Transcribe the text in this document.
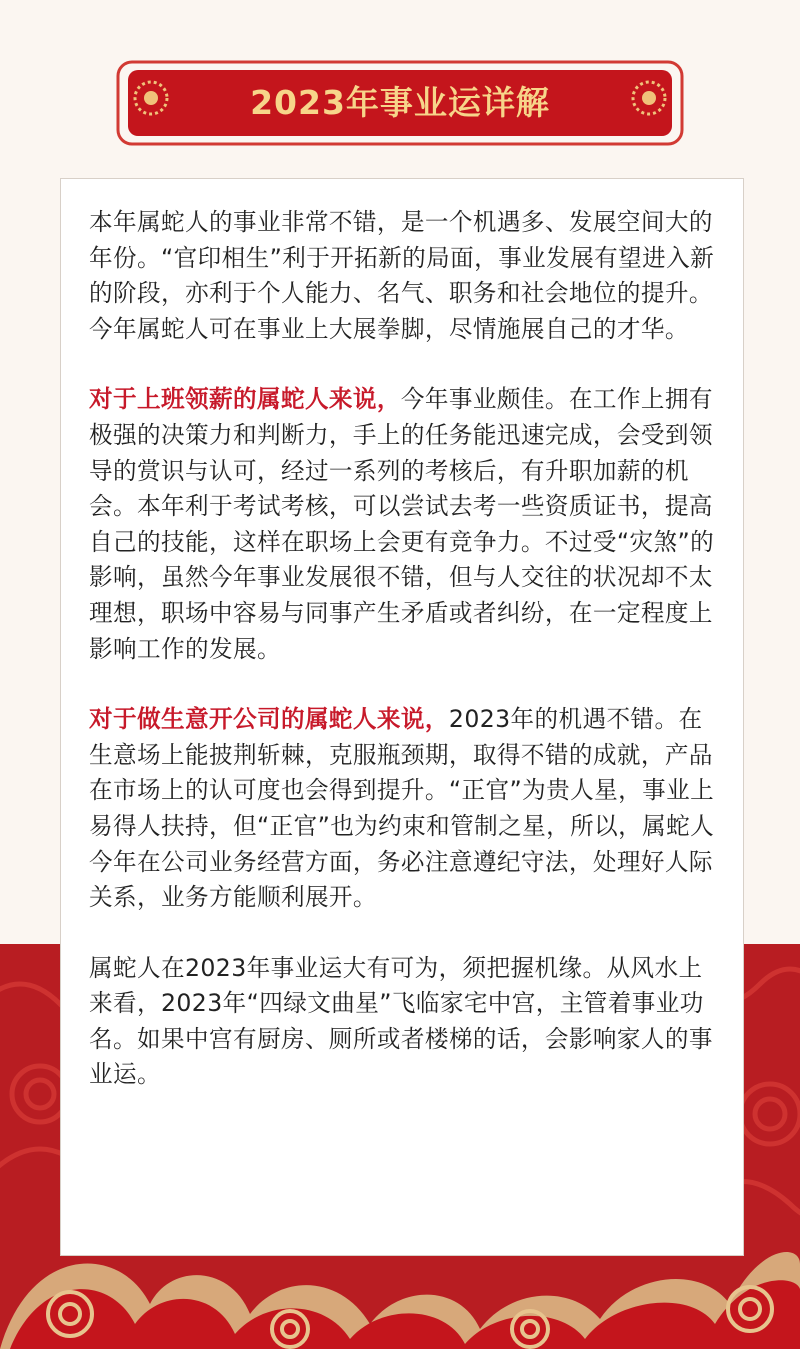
2023年事业运详解

本年属蛇人的事业非常不错，是一个机遇多、发展空间大的年份。“官印相生”利于开拓新的局面，事业发展有望进入新的阶段，亦利于个人能力、名气、职务和社会地位的提升。今年属蛇人可在事业上大展拳脚，尽情施展自己的才华。

对于上班领薪的属蛇人来说，今年事业颇佳。在工作上拥有极强的决策力和判断力，手上的任务能迅速完成，会受到领导的赏识与认可，经过一系列的考核后，有升职加薪的机会。本年利于考试考核，可以尝试去考一些资质证书，提高自己的技能，这样在职场上会更有竞争力。不过受“灾煞”的影响，虽然今年事业发展很不错，但与人交往的状况却不太理想，职场中容易与同事产生矛盾或者纠纷，在一定程度上影响工作的发展。

对于做生意开公司的属蛇人来说，2023年的机遇不错。在生意场上能披荆斩棘，克服瓶颈期，取得不错的成就，产品在市场上的认可度也会得到提升。“正官”为贵人星，事业上易得人扶持，但“正官”也为约束和管制之星，所以，属蛇人今年在公司业务经营方面，务必注意遵纪守法，处理好人际关系，业务方能顺利展开。

属蛇人在2023年事业运大有可为，须把握机缘。从风水上来看，2023年“四绿文曲星”飞临家宅中宫，主管着事业功名。如果中宫有厨房、厕所或者楼梯的话，会影响家人的事业运。
